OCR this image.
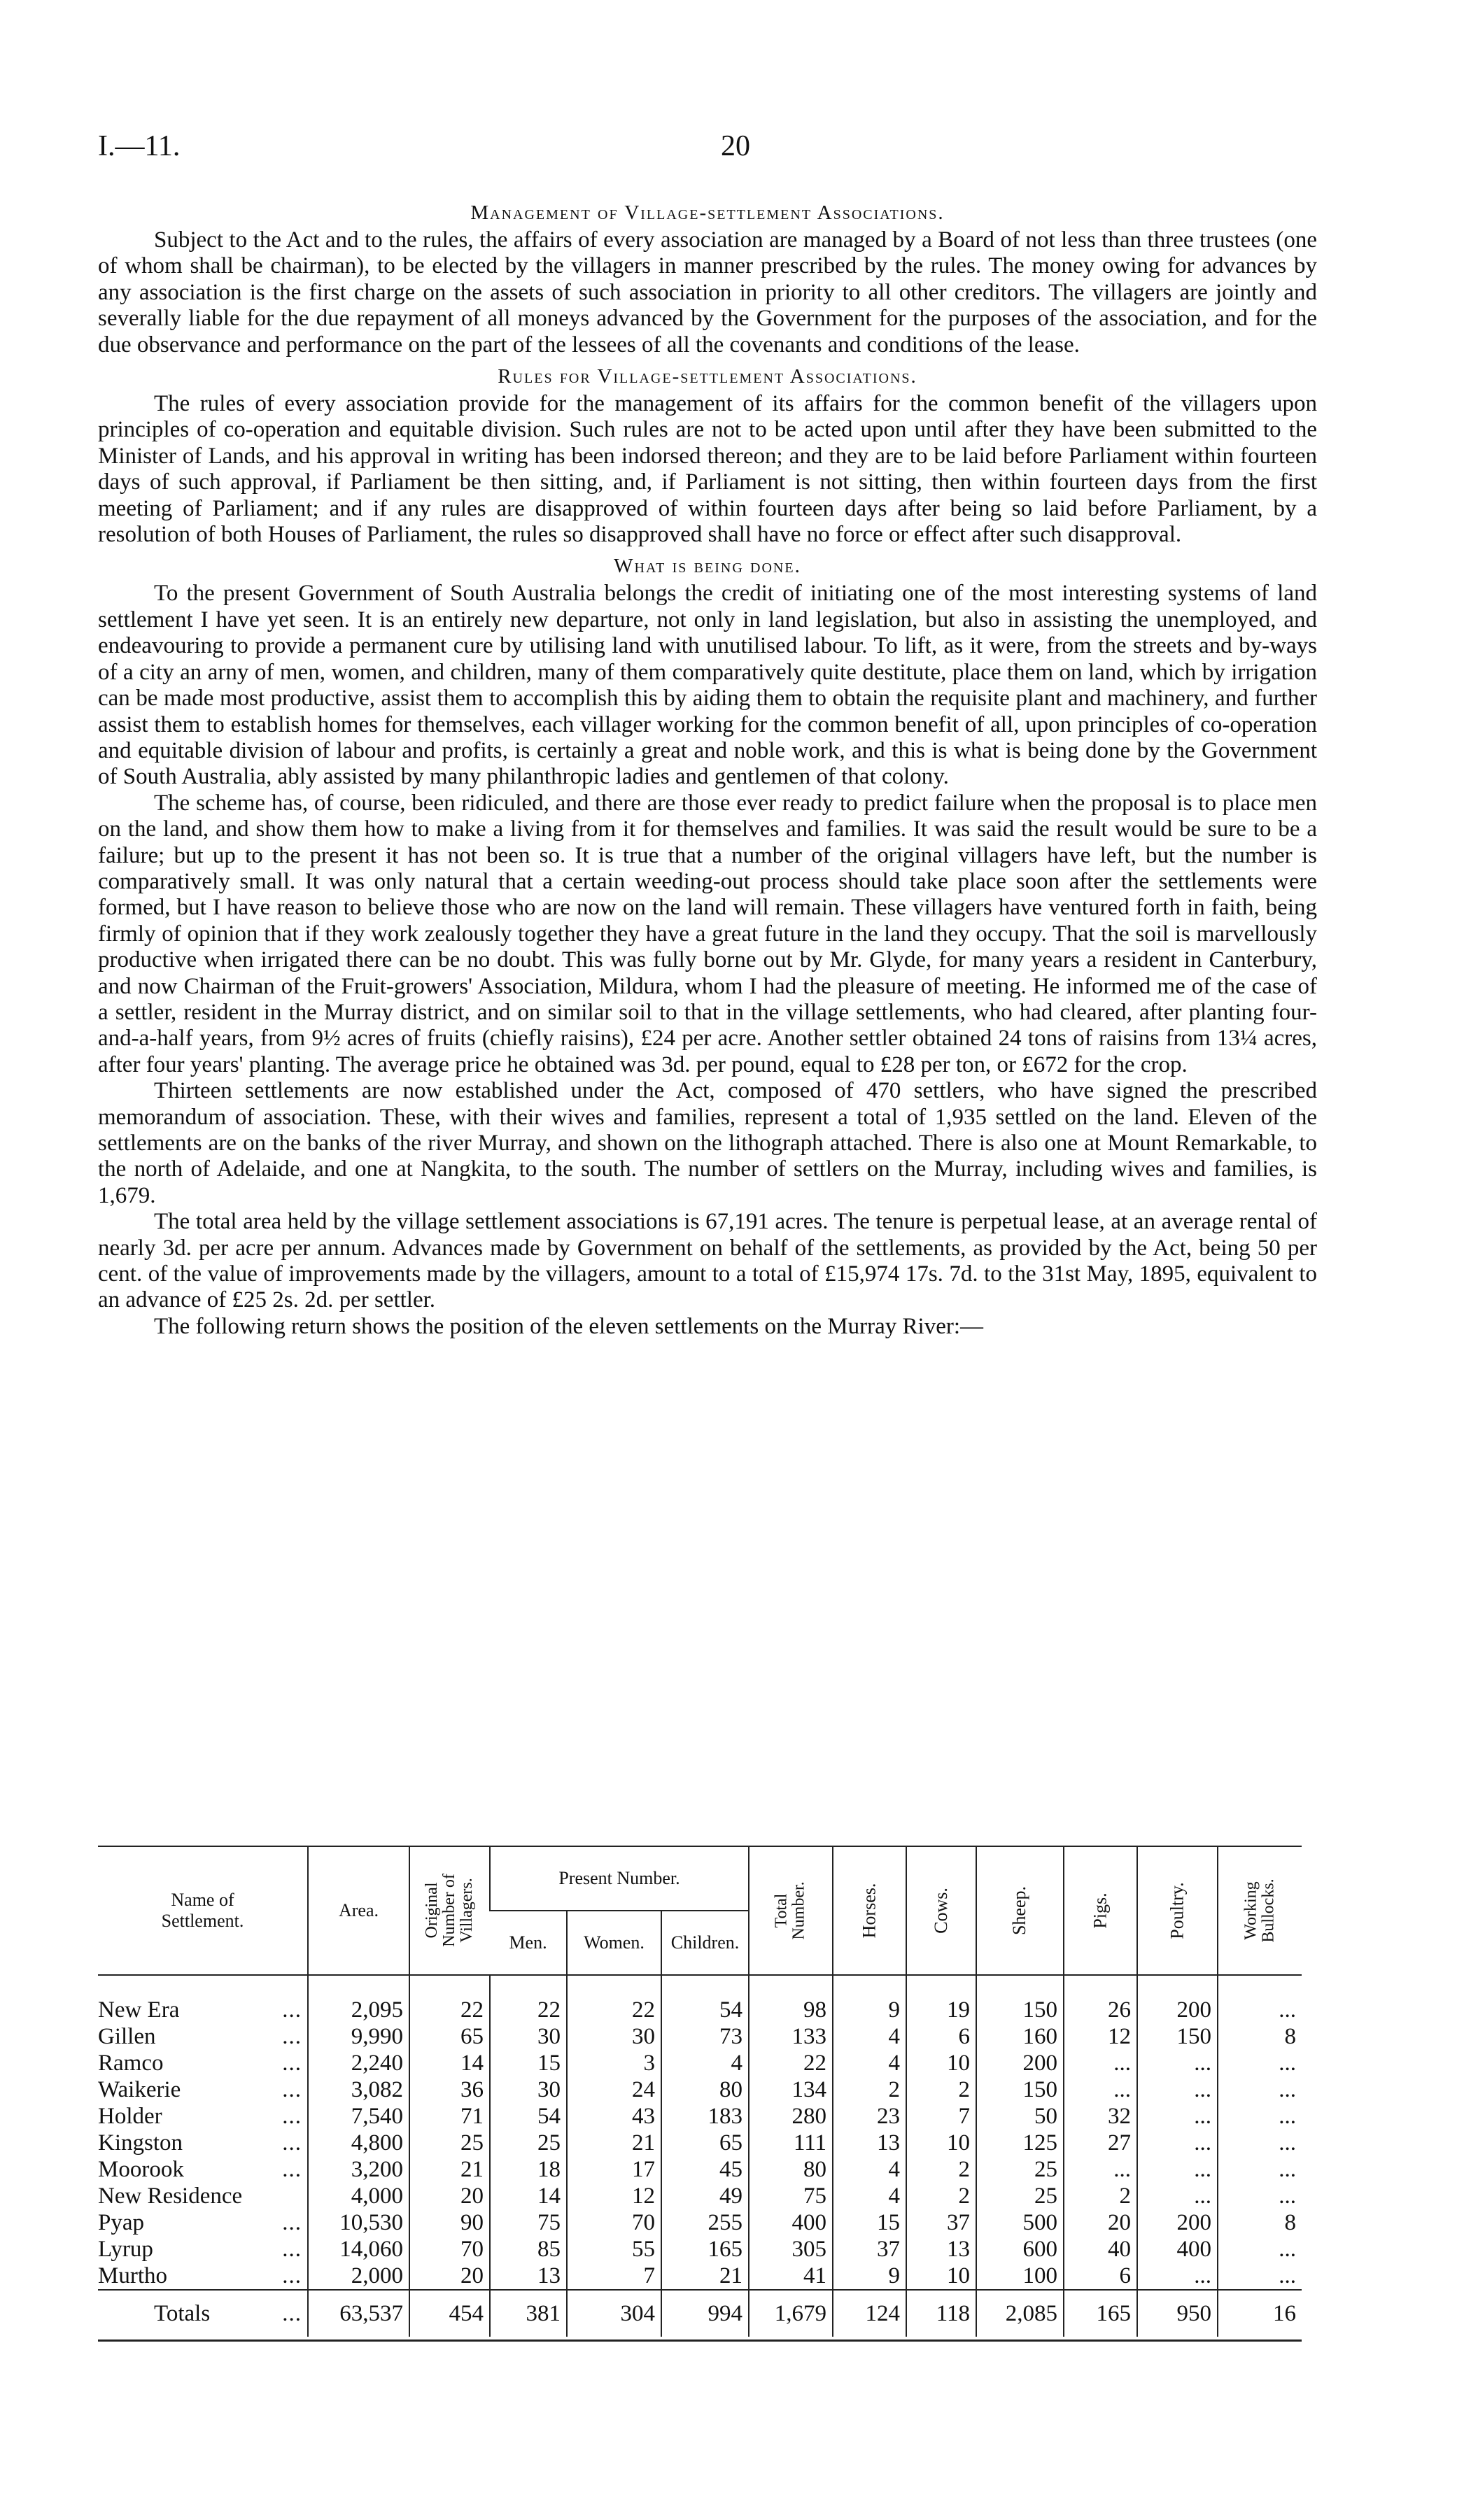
I.—11.	20
Management of Village-settlement Associations.

Subject to the Act and to the rules, the affairs of every association are managed by a Board of not less than three trustees (one of whom shall be chairman), to be elected by the villagers in manner prescribed by the rules. The money owing for advances by any association is the first charge on the assets of such association in priority to all other creditors. The villagers are jointly and severally liable for the due repayment of all moneys advanced by the Government for the purposes of the association, and for the due observance and performance on the part of the lessees of all the covenants and conditions of the lease.

Rules for Village-settlement Associations.

The rules of every association provide for the management of its affairs for the common benefit of the villagers upon principles of co-operation and equitable division. Such rules are not to be acted upon until after they have been submitted to the Minister of Lands, and his approval in writing has been indorsed thereon; and they are to be laid before Parliament within fourteen days of such approval, if Parliament be then sitting, and, if Parliament is not sitting, then within fourteen days from the first meeting of Parliament; and if any rules are disapproved of within fourteen days after being so laid before Parliament, by a resolution of both Houses of Parliament, the rules so disapproved shall have no force or effect after such disapproval.

What is being done.

To the present Government of South Australia belongs the credit of initiating one of the most interesting systems of land settlement I have yet seen. It is an entirely new departure, not only in land legislation, but also in assisting the unemployed, and endeavouring to provide a permanent cure by utilising land with unutilised labour. To lift, as it were, from the streets and by-ways of a city an arny of men, women, and children, many of them comparatively quite destitute, place them on land, which by irrigation can be made most productive, assist them to accomplish this by aiding them to obtain the requisite plant and machinery, and further assist them to establish homes for themselves, each villager working for the common benefit of all, upon principles of co-operation and equitable division of labour and profits, is certainly a great and noble work, and this is what is being done by the Government of South Australia, ably assisted by many philanthropic ladies and gentlemen of that colony.

The scheme has, of course, been ridiculed, and there are those ever ready to predict failure when the proposal is to place men on the land, and show them how to make a living from it for themselves and families. It was said the result would be sure to be a failure; but up to the present it has not been so. It is true that a number of the original villagers have left, but the number is comparatively small. It was only natural that a certain weeding-out process should take place soon after the settlements were formed, but I have reason to believe those who are now on the land will remain. These villagers have ventured forth in faith, being firmly of opinion that if they work zealously together they have a great future in the land they occupy. That the soil is marvellously productive when irrigated there can be no doubt. This was fully borne out by Mr. Glyde, for many years a resident in Canterbury, and now Chairman of the Fruit-growers' Association, Mildura, whom I had the pleasure of meeting. He informed me of the case of a settler, resident in the Murray district, and on similar soil to that in the village settlements, who had cleared, after planting four-and-a-half years, from 9½ acres of fruits (chiefly raisins), £24 per acre. Another settler obtained 24 tons of raisins from 13¼ acres, after four years' planting. The average price he obtained was 3d. per pound, equal to £28 per ton, or £672 for the crop.

Thirteen settlements are now established under the Act, composed of 470 settlers, who have signed the prescribed memorandum of association. These, with their wives and families, represent a total of 1,935 settled on the land. Eleven of the settlements are on the banks of the river Murray, and shown on the lithograph attached. There is also one at Mount Remarkable, to the north of Adelaide, and one at Nangkita, to the south. The number of settlers on the Murray, including wives and families, is 1,679.

The total area held by the village settlement associations is 67,191 acres. The tenure is perpetual lease, at an average rental of nearly 3d. per acre per annum. Advances made by Government on behalf of the settlements, as provided by the Act, being 50 per cent. of the value of improvements made by the villagers, amount to a total of £15,974 17s. 7d. to the 31st May, 1895, equivalent to an advance of £25 2s. 2d. per settler.

The following return shows the position of the eleven settlements on the Murray River:—

Name of Settlement.	Area.	Original
Number of
Villagers.	Present Number.			Total
Number.	Horses.	Cows.	Sheep.	Pigs.	Poultry.	Working
Bullocks.
			Men.	Women.	Children.							
New Era ...	2,095	22	22	22	54	98	9	19	150	26	200	...
Gillen ...	9,990	65	30	30	73	133	4	6	160	12	150	8
Ramco ...	2,240	14	15	3	4	22	4	10	200	...	...	...
Waikerie ...	3,082	36	30	24	80	134	2	2	150	...	...	...
Holder ...	7,540	71	54	43	183	280	23	7	50	32	...	...
Kingston ...	4,800	25	25	21	65	111	13	10	125	27	...	...
Moorook ...	3,200	21	18	17	45	80	4	2	25	...	...	...
New Residence	4,000	20	14	12	49	75	4	2	25	2	...	...
Pyap ...	10,530	90	75	70	255	400	15	37	500	20	200	8
Lyrup ...	14,060	70	85	55	165	305	37	13	600	40	400	...
Murtho ...	2,000	20	13	7	21	41	9	10	100	6	...	...
Totals ...	63,537	454	381	304	994	1,679	124	118	2,085	165	950	16
